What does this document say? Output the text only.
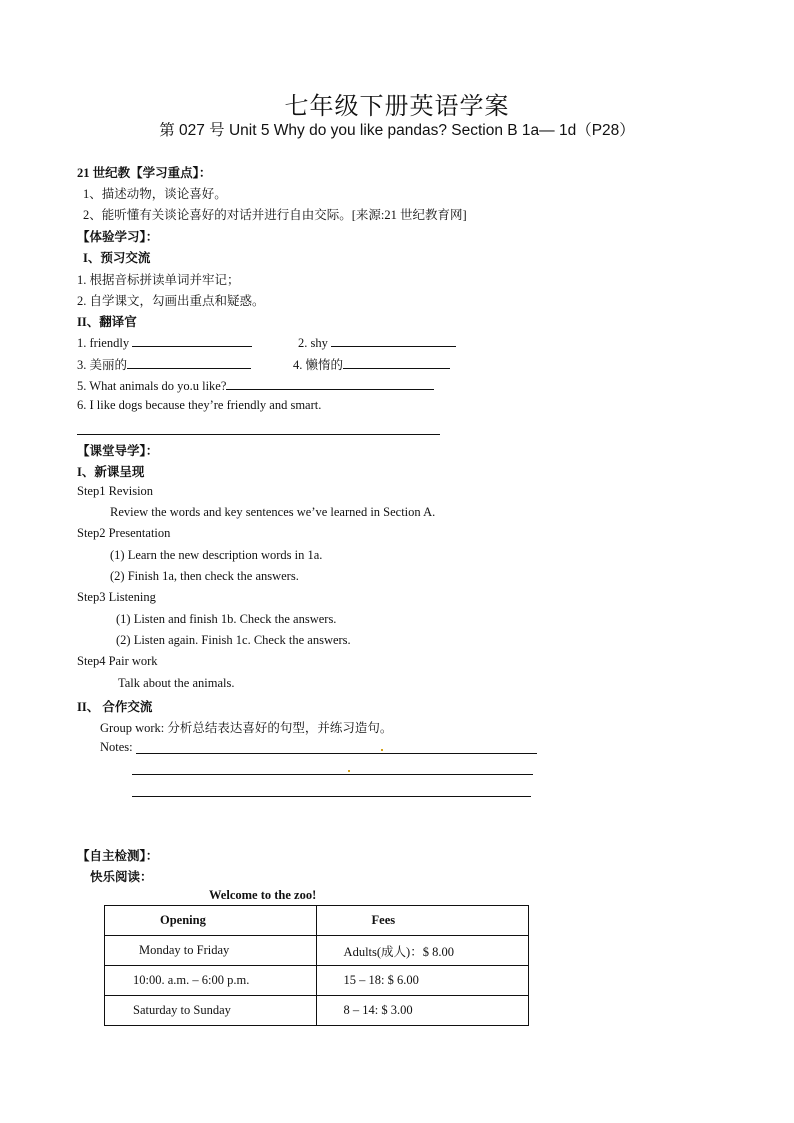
七年级下册英语学案
第 027 号 Unit 5 Why do you like pandas? Section B 1a— 1d（P28）
21 世纪教【学习重点】：
1、描述动物，谈论喜好。
2、能听懂有关谈论喜好的对话并进行自由交际。[来源:21 世纪教育网]
【体验学习】：
I、预习交流
1. 根据音标拼读单词并牢记；
2. 自学课文，勾画出重点和疑惑。
II、翻译官
1. friendly	2. shy
3. 美丽的	4. 懒惰的
5. What animals do yo.u like?
6. I like dogs because they’re friendly and smart.
【课堂导学】：
I、新课呈现
Step1 Revision
Review the words and key sentences we’ve learned in Section A.
Step2 Presentation
(1) Learn the new description words in 1a.
(2) Finish 1a, then check the answers.
Step3 Listening
(1) Listen and finish 1b. Check the answers.
(2) Listen again. Finish 1c. Check the answers.
Step4 Pair work
Talk about the animals.
II、 合作交流
Group work: 分析总结表达喜好的句型，并练习造句。
Notes:
【自主检测】：
快乐阅读：
Welcome to the zoo!
Opening	Fees

Monday to Friday	Adults(成人)：$ 8.00

10:00. a.m. – 6:00 p.m.	15 – 18: $ 6.00

Saturday to Sunday	8 – 14: $ 3.00
